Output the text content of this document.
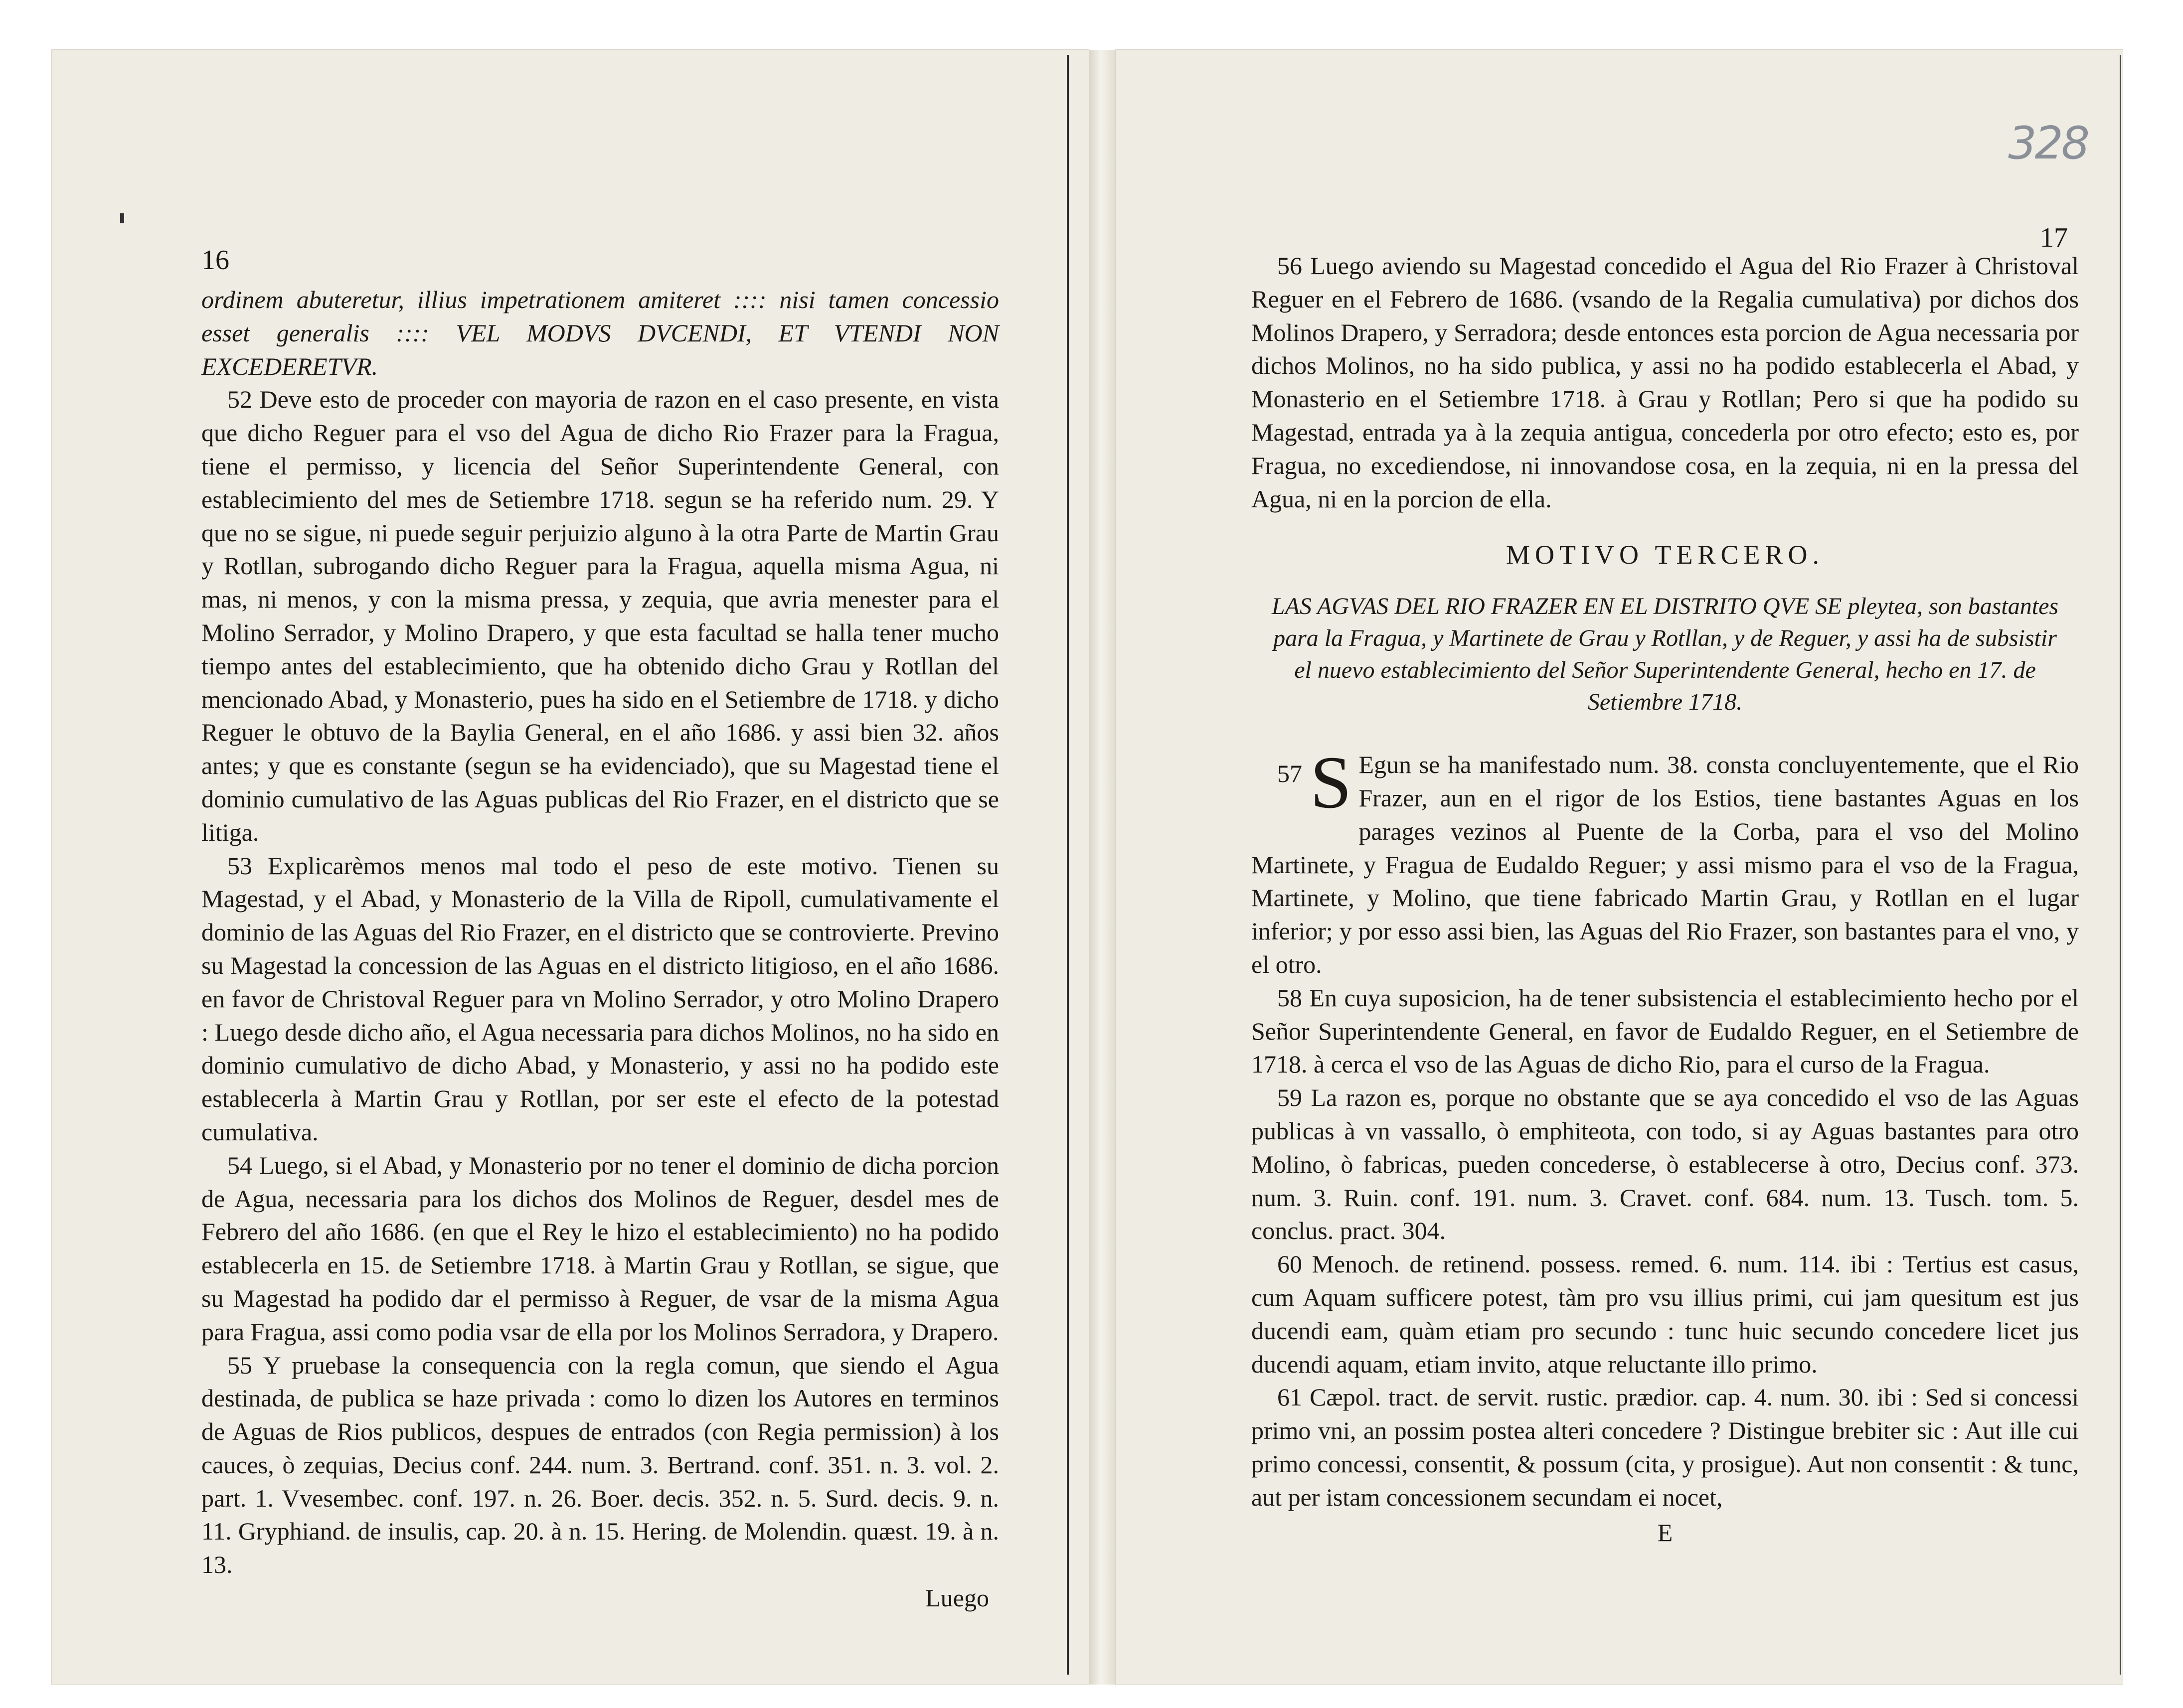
16

ordinem abuteretur, illius impetrationem amiteret :::: nisi tamen concessio esset generalis :::: VEL MODVS DVCENDI, ET VTENDI NON EXCEDERETVR.

52 Deve esto de proceder con mayoria de razon en el caso presente, en vista que dicho Reguer para el vso del Agua de dicho Rio Frazer para la Fragua, tiene el permisso, y licencia del Señor Superintendente General, con establecimiento del mes de Setiembre 1718. segun se ha referido num. 29. Y que no se sigue, ni puede seguir perjuizio alguno à la otra Parte de Martin Grau y Rotllan, subrogando dicho Reguer para la Fragua, aquella misma Agua, ni mas, ni menos, y con la misma pressa, y zequia, que avria menester para el Molino Serrador, y Molino Drapero, y que esta facultad se halla tener mucho tiempo antes del establecimiento, que ha obtenido dicho Grau y Rotllan del mencionado Abad, y Monasterio, pues ha sido en el Setiembre de 1718. y dicho Reguer le obtuvo de la Baylia General, en el año 1686. y assi bien 32. años antes; y que es constante (segun se ha evidenciado), que su Magestad tiene el dominio cumulativo de las Aguas publicas del Rio Frazer, en el districto que se litiga.

53 Explicarèmos menos mal todo el peso de este motivo. Tienen su Magestad, y el Abad, y Monasterio de la Villa de Ripoll, cumulativamente el dominio de las Aguas del Rio Frazer, en el districto que se controvierte. Previno su Magestad la concession de las Aguas en el districto litigioso, en el año 1686. en favor de Christoval Reguer para vn Molino Serrador, y otro Molino Drapero : Luego desde dicho año, el Agua necessaria para dichos Molinos, no ha sido en dominio cumulativo de dicho Abad, y Monasterio, y assi no ha podido este establecerla à Martin Grau y Rotllan, por ser este el efecto de la potestad cumulativa.

54 Luego, si el Abad, y Monasterio por no tener el dominio de dicha porcion de Agua, necessaria para los dichos dos Molinos de Reguer, desdel mes de Febrero del año 1686. (en que el Rey le hizo el establecimiento) no ha podido establecerla en 15. de Setiembre 1718. à Martin Grau y Rotllan, se sigue, que su Magestad ha podido dar el permisso à Reguer, de vsar de la misma Agua para Fragua, assi como podia vsar de ella por los Molinos Serradora, y Drapero.

55 Y pruebase la consequencia con la regla comun, que siendo el Agua destinada, de publica se haze privada : como lo dizen los Autores en terminos de Aguas de Rios publicos, despues de entrados (con Regia permission) à los cauces, ò zequias, Decius conf. 244. num. 3. Bertrand. conf. 351. n. 3. vol. 2. part. 1. Vvesembec. conf. 197. n. 26. Boer. decis. 352. n. 5. Surd. decis. 9. n. 11. Gryphiand. de insulis, cap. 20. à n. 15. Hering. de Molendin. quæst. 19. à n. 13.

Luego

328
17

56 Luego aviendo su Magestad concedido el Agua del Rio Frazer à Christoval Reguer en el Febrero de 1686. (vsando de la Regalia cumulativa) por dichos dos Molinos Drapero, y Serradora; desde entonces esta porcion de Agua necessaria por dichos Molinos, no ha sido publica, y assi no ha podido establecerla el Abad, y Monasterio en el Setiembre 1718. à Grau y Rotllan; Pero si que ha podido su Magestad, entrada ya à la zequia antigua, concederla por otro efecto; esto es, por Fragua, no excediendose, ni innovandose cosa, en la zequia, ni en la pressa del Agua, ni en la porcion de ella.

MOTIVO TERCERO.
LAS AGVAS DEL RIO FRAZER EN EL DISTRITO QVE SE pleytea, son bastantes para la Fragua, y Martinete de Grau y Rotllan, y de Reguer, y assi ha de subsistir el nuevo establecimiento del Señor Superintendente General, hecho en 17. de Setiembre 1718.

57 S Egun se ha manifestado num. 38. consta concluyentemente, que el Rio Frazer, aun en el rigor de los Estios, tiene bastantes Aguas en los parages vezinos al Puente de la Corba, para el vso del Molino Martinete, y Fragua de Eudaldo Reguer; y assi mismo para el vso de la Fragua, Martinete, y Molino, que tiene fabricado Martin Grau, y Rotllan en el lugar inferior; y por esso assi bien, las Aguas del Rio Frazer, son bastantes para el vno, y el otro.

58 En cuya suposicion, ha de tener subsistencia el establecimiento hecho por el Señor Superintendente General, en favor de Eudaldo Reguer, en el Setiembre de 1718. à cerca el vso de las Aguas de dicho Rio, para el curso de la Fragua.

59 La razon es, porque no obstante que se aya concedido el vso de las Aguas publicas à vn vassallo, ò emphiteota, con todo, si ay Aguas bastantes para otro Molino, ò fabricas, pueden concederse, ò establecerse à otro, Decius conf. 373. num. 3. Ruin. conf. 191. num. 3. Cravet. conf. 684. num. 13. Tusch. tom. 5. conclus. pract. 304.

60 Menoch. de retinend. possess. remed. 6. num. 114. ibi : Tertius est casus, cum Aquam sufficere potest, tàm pro vsu illius primi, cui jam quesitum est jus ducendi eam, quàm etiam pro secundo : tunc huic secundo concedere licet jus ducendi aquam, etiam invito, atque reluctante illo primo.

61 Cæpol. tract. de servit. rustic. prædior. cap. 4. num. 30. ibi : Sed si concessi primo vni, an possim postea alteri concedere ? Distingue brebiter sic : Aut ille cui primo concessi, consentit, & possum (cita, y prosigue). Aut non consentit : & tunc, aut per istam concessionem secundam ei nocet,

E
